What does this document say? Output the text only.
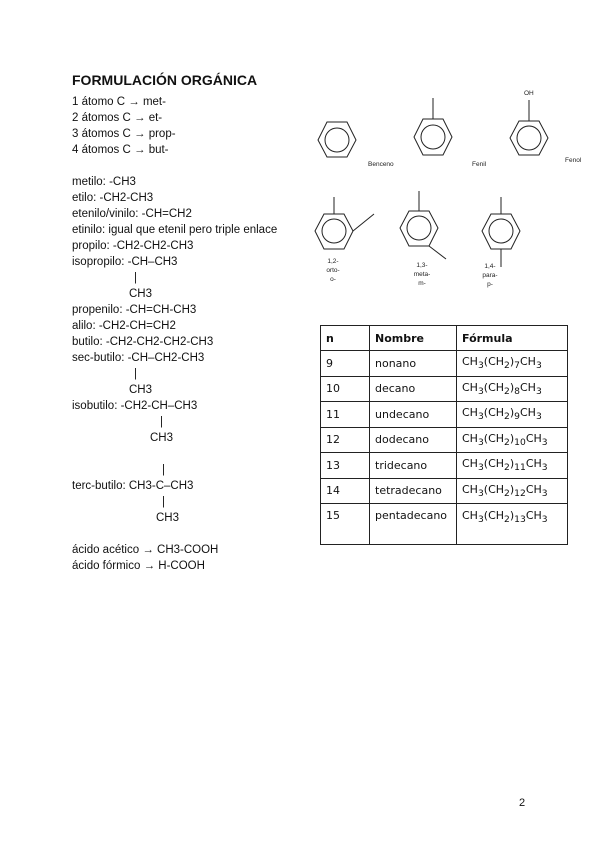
FORMULACIÓN ORGÁNICA
1 átomo C → met-
2 átomos C → et-
3 átomos C → prop-
4 átomos C → but-
metilo: -CH3
etilo: -CH2-CH3
etenilo/vinilo: -CH=CH2
etinilo: igual que etenil pero triple enlace
propilo: -CH2-CH2-CH3
isopropilo: -CH–CH3
|
CH3
propenilo: -CH=CH-CH3
alilo: -CH2-CH=CH2
butilo: -CH2-CH2-CH2-CH3
sec-butilo: -CH–CH2-CH3
|
CH3
isobutilo: -CH2-CH–CH3
|
CH3
|
terc-butilo: CH3-C–CH3
|
CH3
ácido acético → CH3-COOH
ácido fórmico → H-COOH
Benceno	Fenil
OH
Fenol
1,2-
orto-
o-
1,3-
meta-
m-
1,4-
para-
p-
n	Nombre	Fórmula
9	nonano	$CH_3(CH_2)_7CH_3$
10	decano	$CH_3(CH_2)_8CH_3$
11	undecano	$CH_3(CH_2)_9CH_3$
12	dodecano	$CH_3(CH_2)_{10}CH_3$
13	tridecano	$CH_3(CH_2)_{11}CH_3$
14	tetradecano	$CH_3(CH_2)_{12}CH_3$
15	pentadecano	$CH_3(CH_2)_{13}CH_3$
2
